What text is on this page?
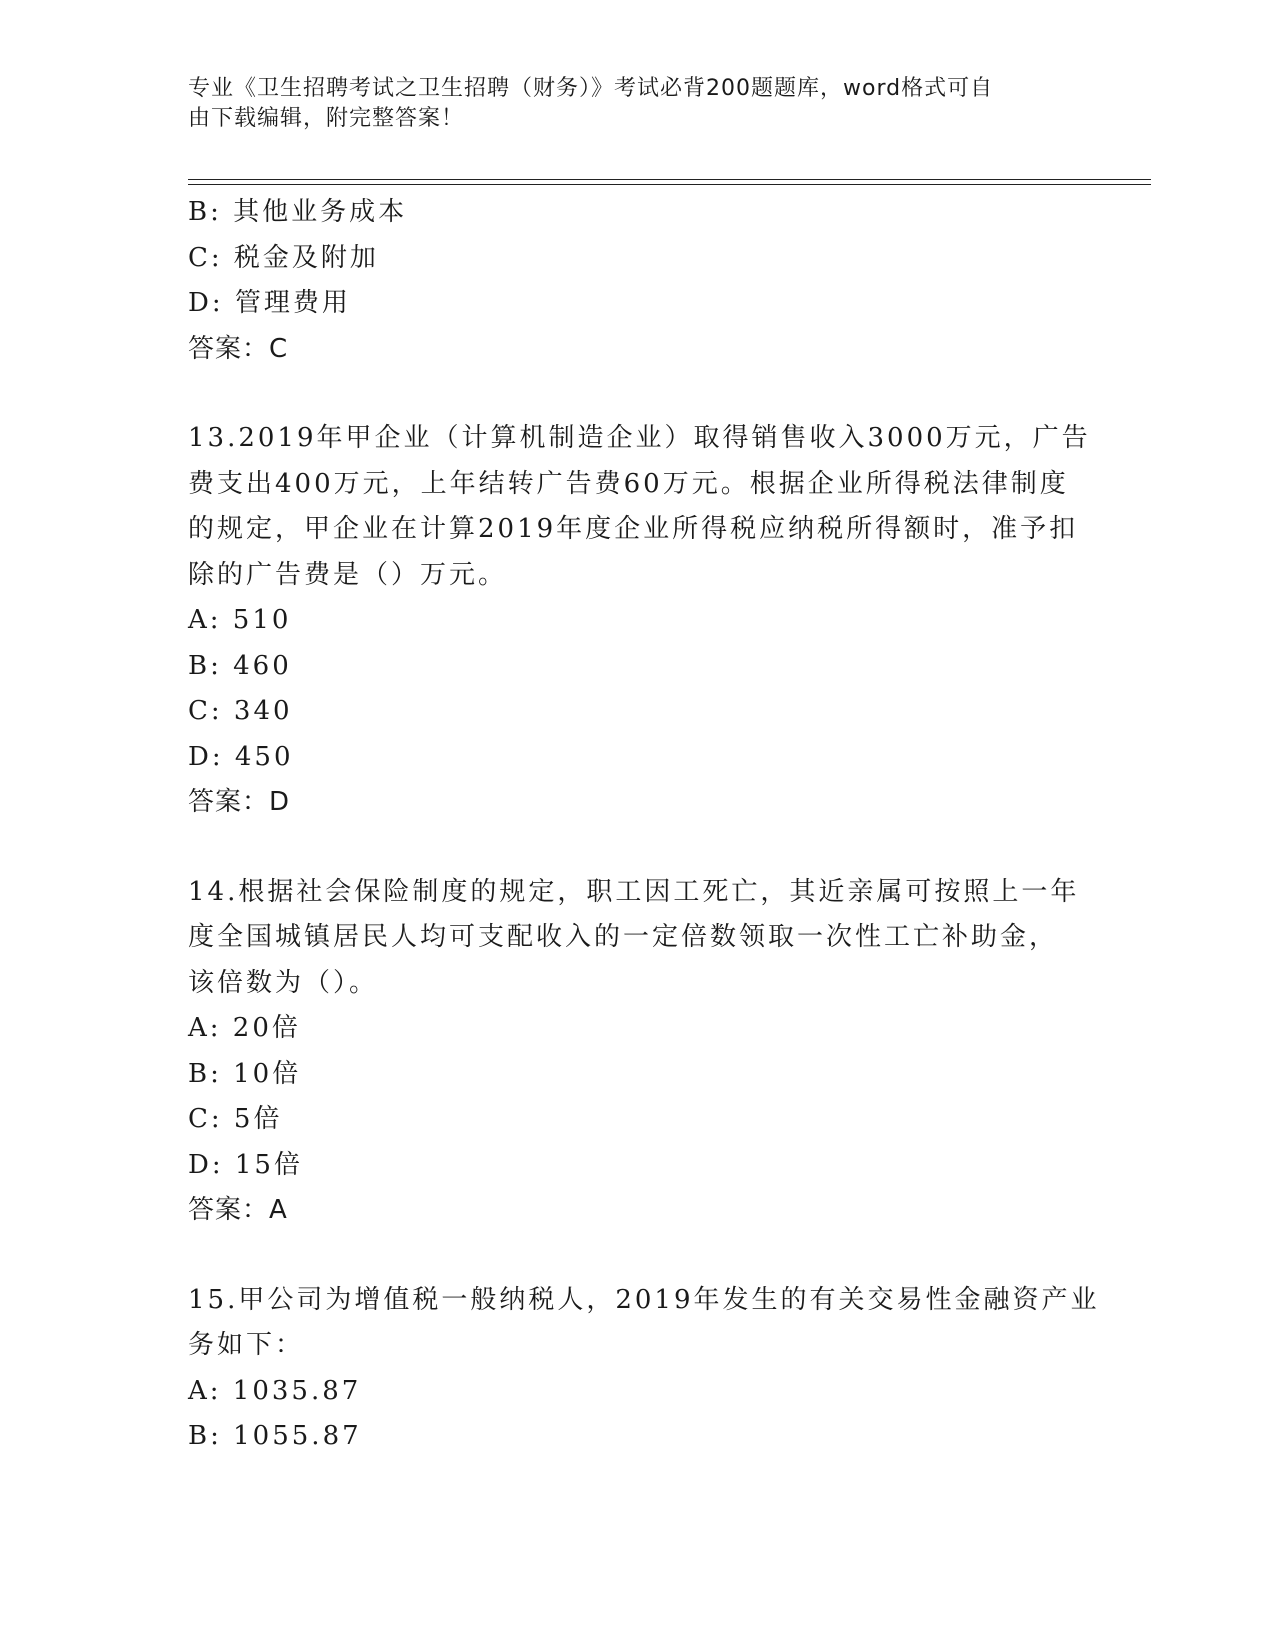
专业《卫生招聘考试之卫生招聘（财务）》考试必背200题题库，word格式可自
由下载编辑，附完整答案！
B: 其他业务成本
C: 税金及附加
D: 管理费用
答案：C
13.2019年甲企业（计算机制造企业）取得销售收入3000万元，广告
费支出400万元，上年结转广告费60万元。根据企业所得税法律制度
的规定，甲企业在计算2019年度企业所得税应纳税所得额时，准予扣
除的广告费是（）万元。
A: 510
B: 460
C: 340
D: 450
答案：D
14.根据社会保险制度的规定，职工因工死亡，其近亲属可按照上一年
度全国城镇居民人均可支配收入的一定倍数领取一次性工亡补助金，
该倍数为（）。
A: 20倍
B: 10倍
C: 5倍
D: 15倍
答案：A
15.甲公司为增值税一般纳税人，2019年发生的有关交易性金融资产业
务如下：
A: 1035.87
B: 1055.87
